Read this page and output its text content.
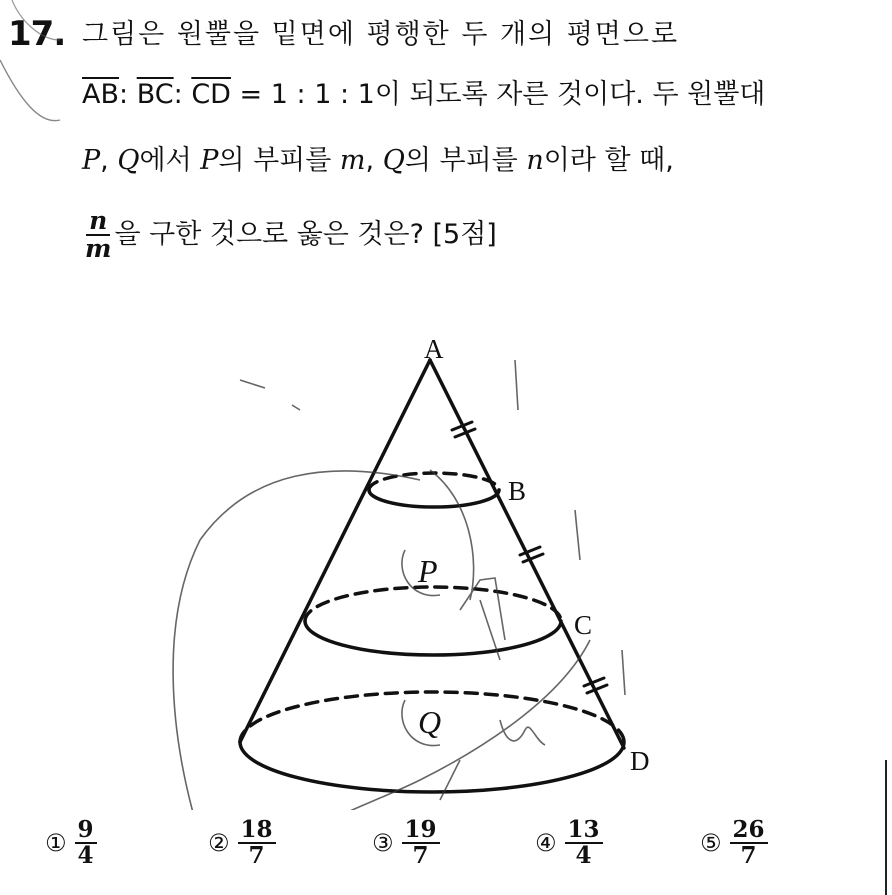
17. 그림은 원뿔을 밑면에 평행한 두 개의 평면으로
$\overline{AB}$: $\overline{BC}$: $\overline{CD} = 1$ : 1 : 1이 되도록 자른 것이다. 두 원뿔대
P, Q에서 P의 부피를 m, Q의 부피를 n이라 할 때,
$\frac{n}{m}$ 을 구한 것으로 옳은 것은? [5점]
A
B
C
D
P
Q
① $\frac{9}{4}$	② $\frac{18}{7}$	③ $\frac{19}{7}$	④ $\frac{13}{4}$	⑤ $\frac{26}{7}$
